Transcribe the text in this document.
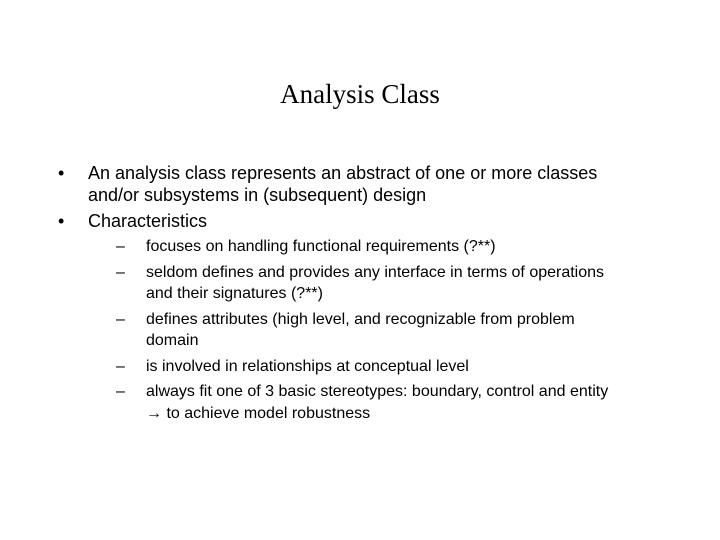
Analysis Class
• An analysis class represents an abstract of one or more classes
and/or subsystems in (subsequent) design
• Characteristics
– focuses on handling functional requirements (?**)
– seldom defines and provides any interface in terms of operations
and their signatures (?**)
– defines attributes (high level, and recognizable from problem
domain
– is involved in relationships at conceptual level
– always fit one of 3 basic stereotypes: boundary, control and entity
→ to achieve model robustness
